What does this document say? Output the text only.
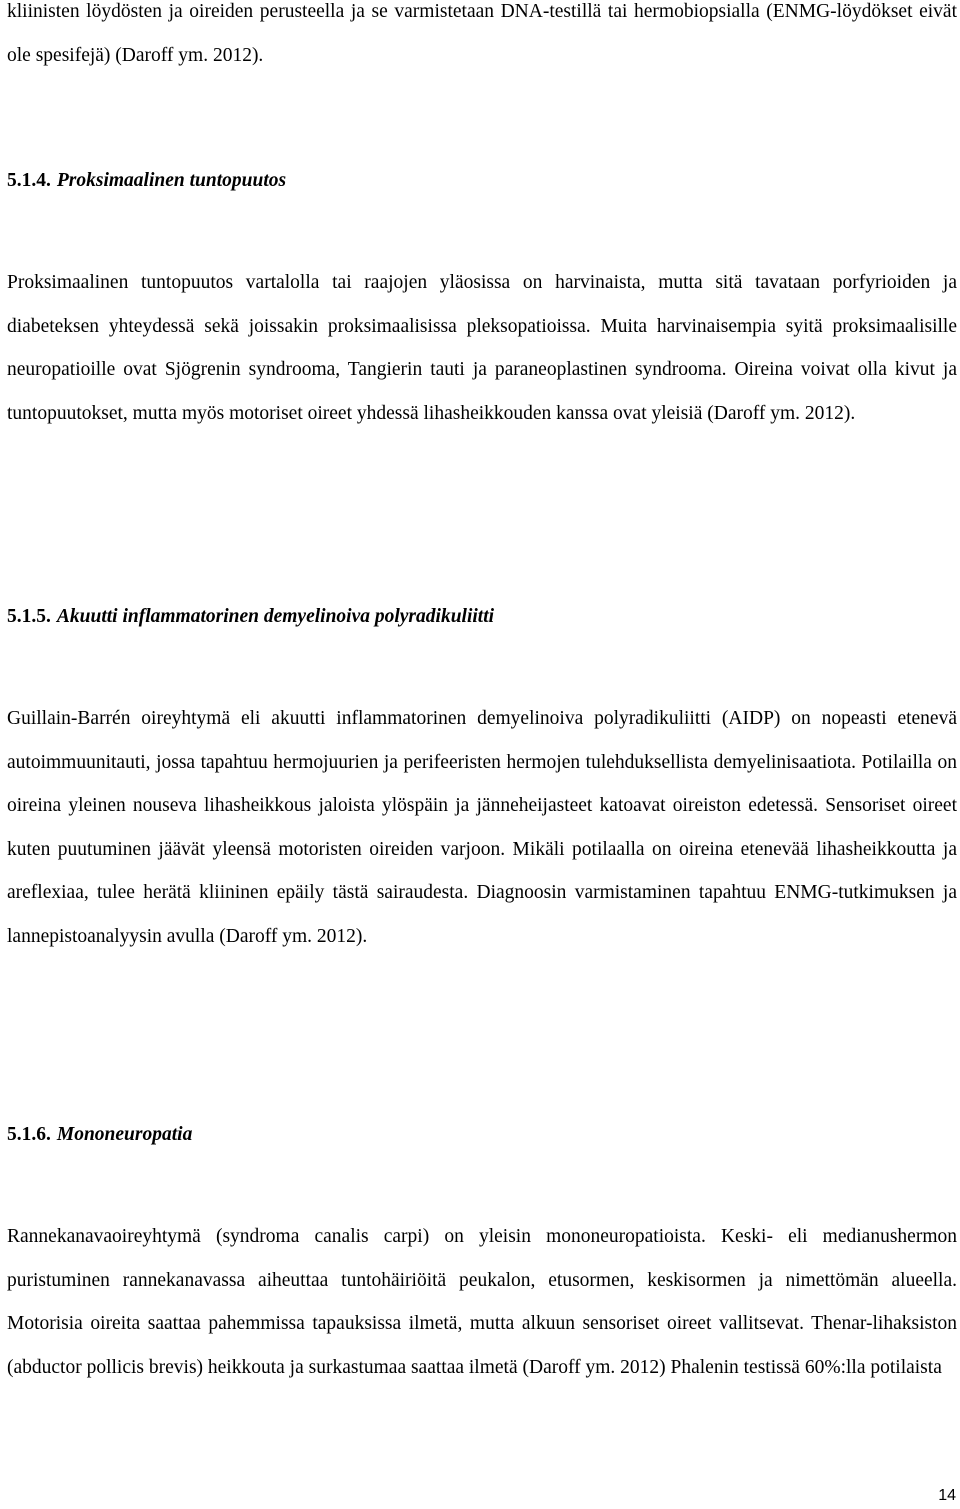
kliinisten löydösten ja oireiden perusteella ja se varmistetaan DNA-testillä tai hermobiopsialla (ENMG-löydökset eivät ole spesifejä) (Daroff ym. 2012).

5.1.4. Proksimaalinen tuntopuutos

Proksimaalinen tuntopuutos vartalolla tai raajojen yläosissa on harvinaista, mutta sitä tavataan porfyrioiden ja diabeteksen yhteydessä sekä joissakin proksimaalisissa pleksopatioissa. Muita harvinaisempia syitä proksimaalisille neuropatioille ovat Sjögrenin syndrooma, Tangierin tauti ja paraneoplastinen syndrooma. Oireina voivat olla kivut ja tuntopuutokset, mutta myös motoriset oireet yhdessä lihasheikkouden kanssa ovat yleisiä (Daroff ym. 2012).

5.1.5. Akuutti inflammatorinen demyelinoiva polyradikuliitti

Guillain-Barrén oireyhtymä eli akuutti inflammatorinen demyelinoiva polyradikuliitti (AIDP) on nopeasti etenevä autoimmuunitauti, jossa tapahtuu hermojuurien ja perifeeristen hermojen tulehduksellista demyelinisaatiota. Potilailla on oireina yleinen nouseva lihasheikkous jaloista ylöspäin ja jänneheijasteet katoavat oireiston edetessä. Sensoriset oireet kuten puutuminen jäävät yleensä motoristen oireiden varjoon. Mikäli potilaalla on oireina etenevää lihasheikkoutta ja areflexiaa, tulee herätä kliininen epäily tästä sairaudesta. Diagnoosin varmistaminen tapahtuu ENMG-tutkimuksen ja lannepistoanalyysin avulla (Daroff ym. 2012).

5.1.6. Mononeuropatia

Rannekanavaoireyhtymä (syndroma canalis carpi) on yleisin mononeuropatioista. Keski- eli medianushermon puristuminen rannekanavassa aiheuttaa tuntohäiriöitä peukalon, etusormen, keskisormen ja nimettömän alueella. Motorisia oireita saattaa pahemmissa tapauksissa ilmetä, mutta alkuun sensoriset oireet vallitsevat. Thenar-lihaksiston (abductor pollicis brevis) heikkouta ja surkastumaa saattaa ilmetä (Daroff ym. 2012) Phalenin testissä 60%:lla potilaista

14
